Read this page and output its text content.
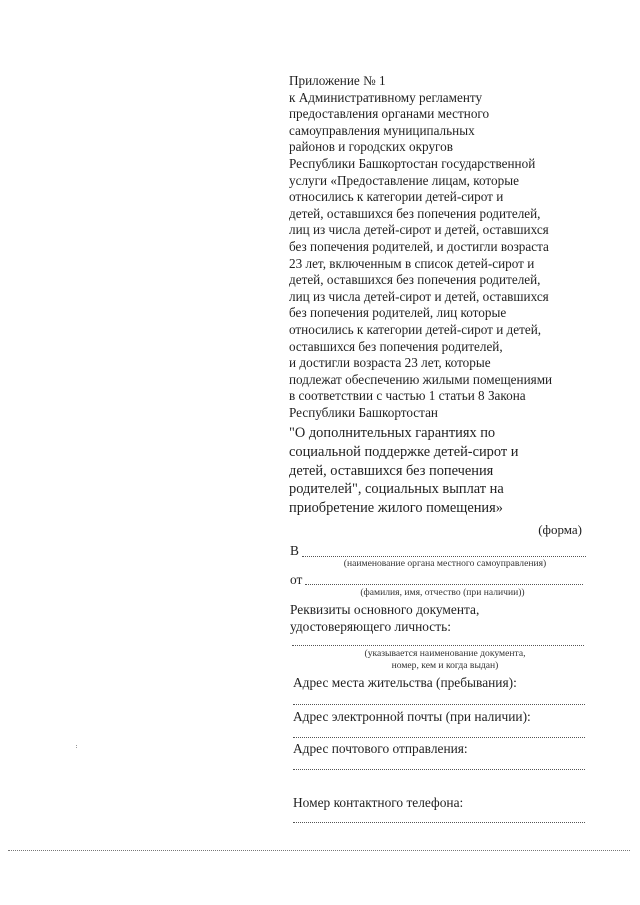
Приложение № 1
к Административному регламенту
предоставления органами местного
самоуправления муниципальных
районов и городских округов
Республики Башкортостан государственной
услуги «Предоставление лицам, которые
относились к категории детей-сирот и
детей, оставшихся без попечения родителей,
лиц из числа детей-сирот и детей, оставшихся
без попечения родителей, и достигли возраста
23 лет, включенным в список детей-сирот и
детей, оставшихся без попечения родителей,
лиц из числа детей-сирот и детей, оставшихся
без попечения родителей, лиц которые
относились к категории детей-сирот и детей,
оставшихся без попечения родителей,
и достигли возраста 23 лет, которые
подлежат обеспечению жилыми помещениями
в соответствии с частью 1 статьи 8 Закона
Республики Башкортостан
"О дополнительных гарантиях по
социальной поддержке детей-сирот и
детей, оставшихся без попечения
родителей", социальных выплат на
приобретение жилого помещения»
(форма)
В
(наименование органа местного самоуправления)
от
(фамилия, имя, отчество (при наличии))
Реквизиты основного документа,
удостоверяющего личность:
(указывается наименование документа,
номер, кем и когда выдан)
Адрес места жительства (пребывания):
Адрес электронной почты (при наличии):
Адрес почтового отправления:
Номер контактного телефона:
